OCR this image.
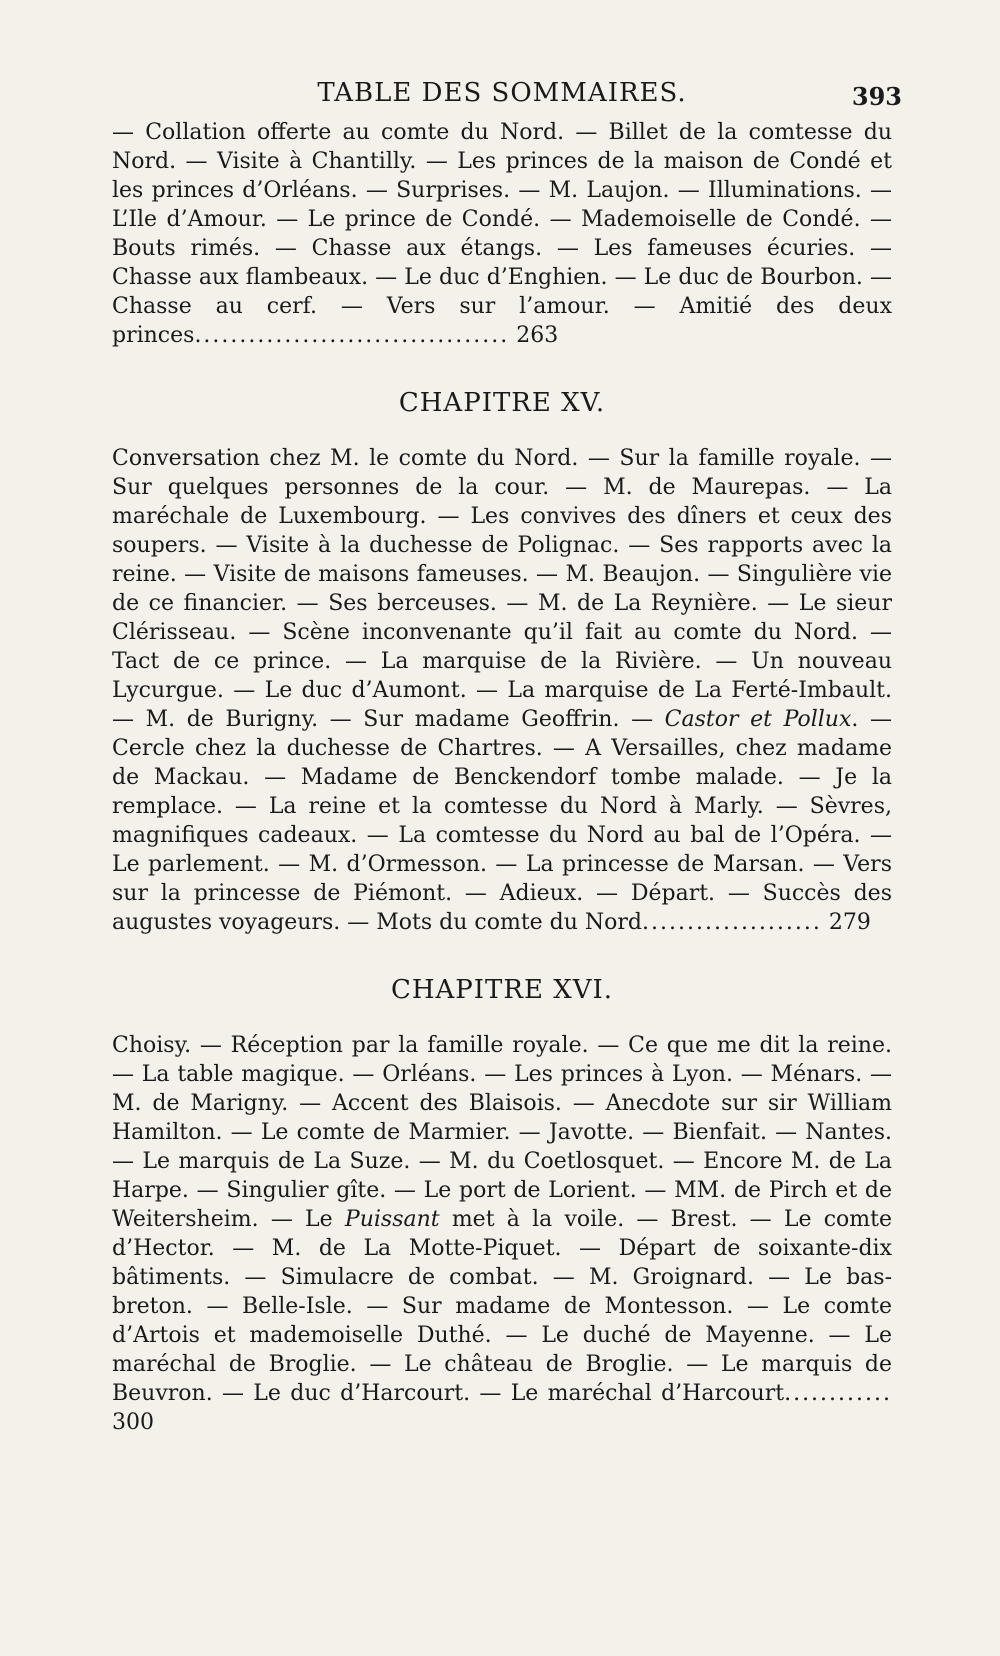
TABLE DES SOMMAIRES.	393

— Collation offerte au comte du Nord. — Billet de la comtesse du Nord. — Visite à Chantilly. — Les princes de la maison de Condé et les princes d’Orléans. — Surprises. — M. Laujon. — Illuminations. — L’Ile d’Amour. — Le prince de Condé. — Mademoiselle de Condé. — Bouts rimés. — Chasse aux étangs. — Les fameuses écuries. — Chasse aux flambeaux. — Le duc d’Enghien. — Le duc de Bourbon. — Chasse au cerf. — Vers sur l’amour. — Amitié des deux princes................................... 263

CHAPITRE XV.

Conversation chez M. le comte du Nord. — Sur la famille royale. — Sur quelques personnes de la cour. — M. de Maurepas. — La maréchale de Luxembourg. — Les convives des dîners et ceux des soupers. — Visite à la duchesse de Polignac. — Ses rapports avec la reine. — Visite de maisons fameuses. — M. Beaujon. — Singulière vie de ce financier. — Ses berceuses. — M. de La Reynière. — Le sieur Clérisseau. — Scène inconvenante qu’il fait au comte du Nord. — Tact de ce prince. — La marquise de la Rivière. — Un nouveau Lycurgue. — Le duc d’Aumont. — La marquise de La Ferté-Imbault. — M. de Burigny. — Sur madame Geoffrin. — Castor et Pollux. — Cercle chez la duchesse de Chartres. — A Versailles, chez madame de Mackau. — Madame de Benckendorf tombe malade. — Je la remplace. — La reine et la comtesse du Nord à Marly. — Sèvres, magnifiques cadeaux. — La comtesse du Nord au bal de l’Opéra. — Le parlement. — M. d’Ormesson. — La princesse de Marsan. — Vers sur la princesse de Piémont. — Adieux. — Départ. — Succès des augustes voyageurs. — Mots du comte du Nord.................... 279

CHAPITRE XVI.

Choisy. — Réception par la famille royale. — Ce que me dit la reine. — La table magique. — Orléans. — Les princes à Lyon. — Ménars. — M. de Marigny. — Accent des Blaisois. — Anecdote sur sir William Hamilton. — Le comte de Marmier. — Javotte. — Bienfait. — Nantes. — Le marquis de La Suze. — M. du Coetlosquet. — Encore M. de La Harpe. — Singulier gîte. — Le port de Lorient. — MM. de Pirch et de Weitersheim. — Le Puissant met à la voile. — Brest. — Le comte d’Hector. — M. de La Motte-Piquet. — Départ de soixante-dix bâtiments. — Simulacre de combat. — M. Groignard. — Le bas-breton. — Belle-Isle. — Sur madame de Montesson. — Le comte d’Artois et mademoiselle Duthé. — Le duché de Mayenne. — Le maréchal de Broglie. — Le château de Broglie. — Le marquis de Beuvron. — Le duc d’Harcourt. — Le maréchal d’Harcourt............ 300
